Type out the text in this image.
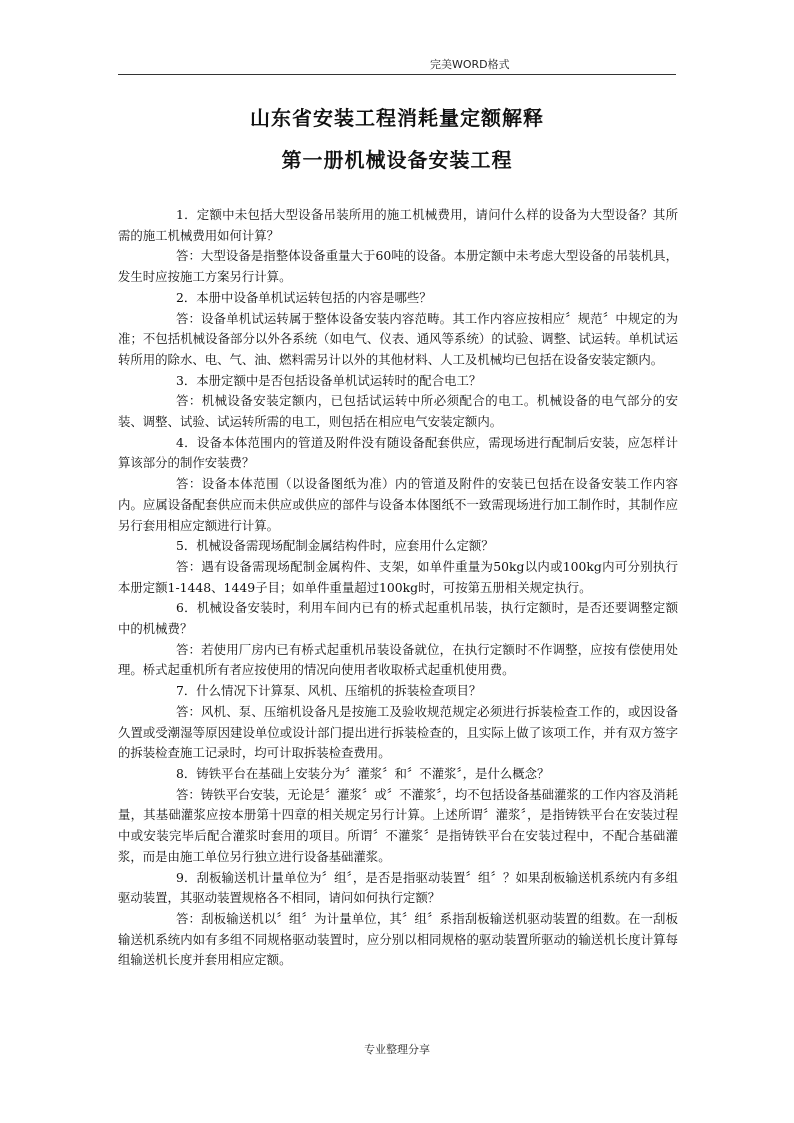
完美WORD格式
山东省安装工程消耗量定额解释
第一册机械设备安装工程

1．定额中未包括大型设备吊装所用的施工机械费用，请问什么样的设备为大型设备？其所需的施工机械费用如何计算？

答：大型设备是指整体设备重量大于60吨的设备。本册定额中未考虑大型设备的吊装机具，发生时应按施工方案另行计算。

2．本册中设备单机试运转包括的内容是哪些？

答：设备单机试运转属于整体设备安装内容范畴。其工作内容应按相应〞规范〞中规定的为准；不包括机械设备部分以外各系统（如电气、仪表、通风等系统）的试验、调整、试运转。单机试运转所用的除水、电、气、油、燃料需另计以外的其他材料、人工及机械均已包括在设备安装定额内。

3．本册定额中是否包括设备单机试运转时的配合电工？

答：机械设备安装定额内，已包括试运转中所必须配合的电工。机械设备的电气部分的安装、调整、试验、试运转所需的电工，则包括在相应电气安装定额内。

4．设备本体范围内的管道及附件没有随设备配套供应，需现场进行配制后安装，应怎样计算该部分的制作安装费？

答：设备本体范围（以设备图纸为准）内的管道及附件的安装已包括在设备安装工作内容内。应属设备配套供应而未供应或供应的部件与设备本体图纸不一致需现场进行加工制作时，其制作应另行套用相应定额进行计算。

5．机械设备需现场配制金属结构件时，应套用什么定额？

答：遇有设备需现场配制金属构件、支架，如单件重量为50kg以内或100kg内可分别执行本册定额1-1448、1449子目；如单件重量超过100kg时，可按第五册相关规定执行。

6．机械设备安装时，利用车间内已有的桥式起重机吊装，执行定额时，是否还要调整定额中的机械费？

答：若使用厂房内已有桥式起重机吊装设备就位，在执行定额时不作调整，应按有偿使用处理。桥式起重机所有者应按使用的情况向使用者收取桥式起重机使用费。

7．什么情况下计算泵、风机、压缩机的拆装检查项目？

答：风机、泵、压缩机设备凡是按施工及验收规范规定必须进行拆装检查工作的，或因设备久置或受潮湿等原因建设单位或设计部门提出进行拆装检查的，且实际上做了该项工作，并有双方签字的拆装检查施工记录时，均可计取拆装检查费用。

8．铸铁平台在基础上安装分为〞灌浆〞和〞不灌浆〞，是什么概念？

答：铸铁平台安装，无论是〞灌浆〞或〞不灌浆〞，均不包括设备基础灌浆的工作内容及消耗量，其基础灌浆应按本册第十四章的相关规定另行计算。上述所谓〞灌浆〞，是指铸铁平台在安装过程中或安装完毕后配合灌浆时套用的项目。所谓〞不灌浆〞是指铸铁平台在安装过程中，不配合基础灌浆，而是由施工单位另行独立进行设备基础灌浆。

9．刮板输送机计量单位为〞组〞，是否是指驱动装置〞组〞？如果刮板输送机系统内有多组驱动装置，其驱动装置规格各不相同，请问如何执行定额？

答：刮板输送机以〞组〞为计量单位，其〞组〞系指刮板输送机驱动装置的组数。在一刮板输送机系统内如有多组不同规格驱动装置时，应分别以相同规格的驱动装置所驱动的输送机长度计算每组输送机长度并套用相应定额。

专业整理分享
